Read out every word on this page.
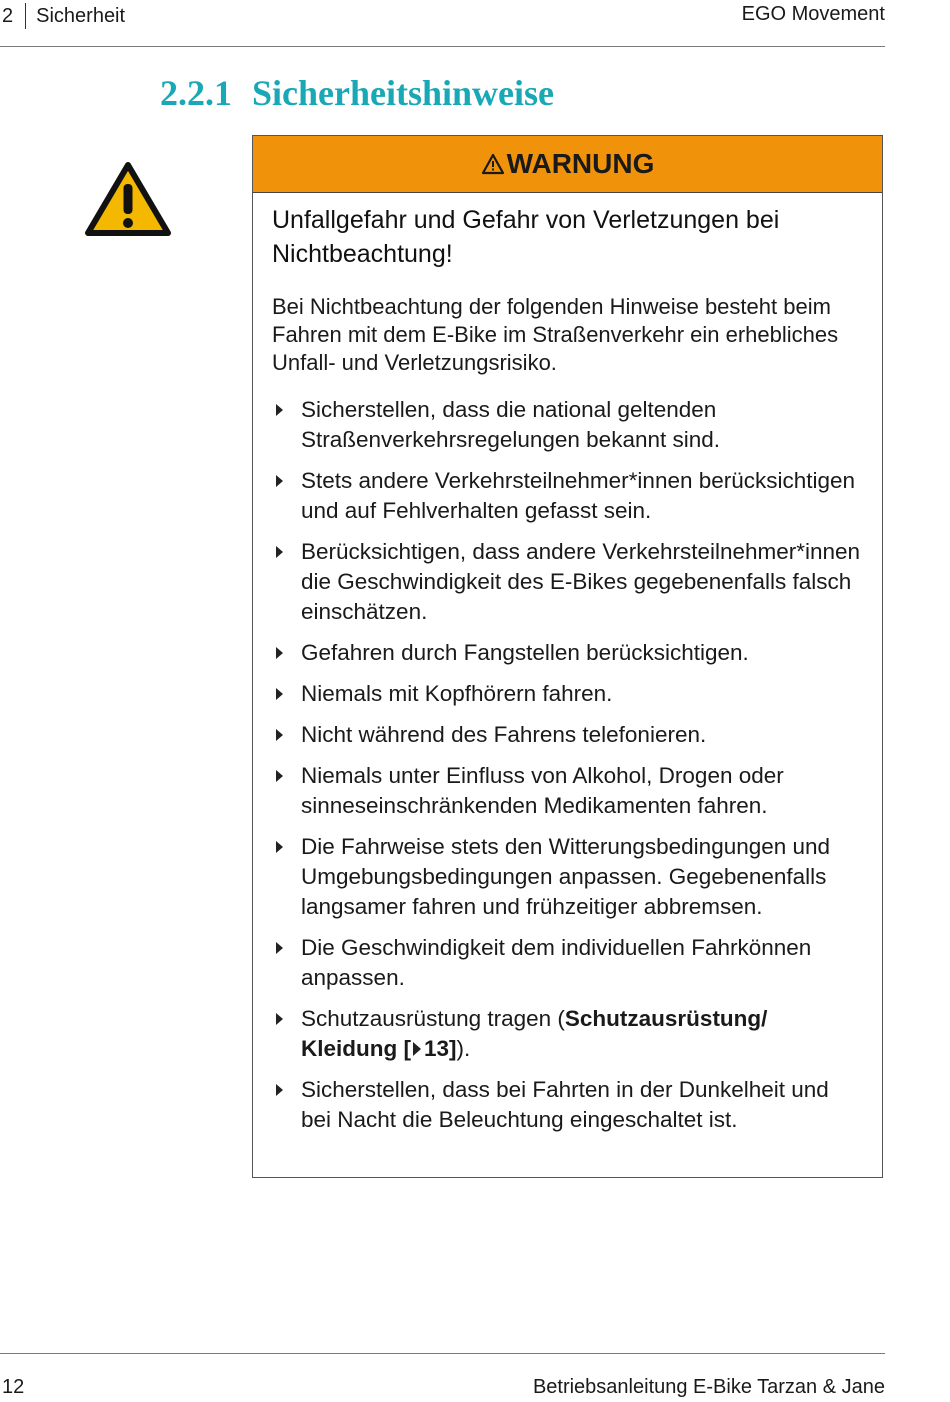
2 Sicherheit	EGO Movement
2.2.1 Sicherheitshinweise
WARNUNG

Unfallgefahr und Gefahr von Verletzungen bei Nichtbeachtung!

Bei Nichtbeachtung der folgenden Hinweise besteht beim Fahren mit dem E-Bike im Straßenverkehr ein erhebliches Unfall- und Verletzungsrisiko.

Sicherstellen, dass die national geltenden Straßenverkehrsregelungen bekannt sind.
Stets andere Verkehrsteilnehmer*innen berücksichtigen und auf Fehlverhalten gefasst sein.
Berücksichtigen, dass andere Verkehrsteilnehmer*innen die Geschwindigkeit des E-Bikes gegebenenfalls falsch einschätzen.
Gefahren durch Fangstellen berücksichtigen.
Niemals mit Kopfhörern fahren.
Nicht während des Fahrens telefonieren.
Niemals unter Einfluss von Alkohol, Drogen oder sinneseinschränkenden Medikamenten fahren.
Die Fahrweise stets den Witterungsbedingungen und Umgebungsbedingungen anpassen. Gegebenenfalls langsamer fahren und frühzeitiger abbremsen.
Die Geschwindigkeit dem individuellen Fahrkönnen anpassen.
Schutzausrüstung tragen (Schutzausrüstung/ Kleidung [ 13]).
Sicherstellen, dass bei Fahrten in der Dunkelheit und bei Nacht die Beleuchtung eingeschaltet ist.
12	Betriebsanleitung E-Bike Tarzan & Jane
